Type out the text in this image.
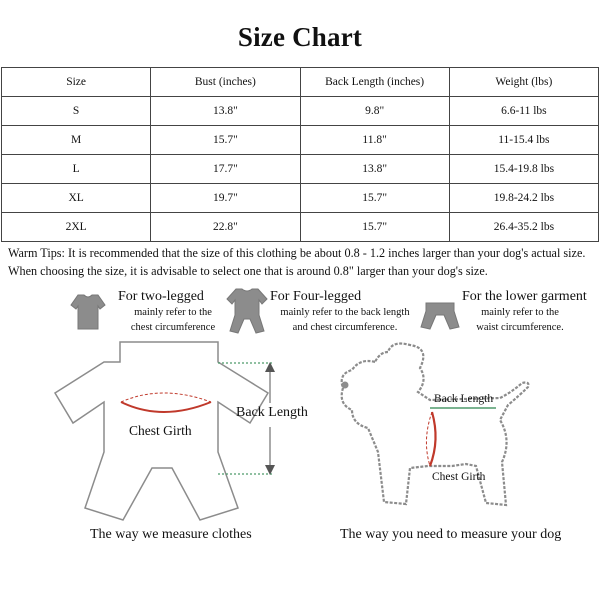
Size Chart
Size	Bust (inches)	Back Length (inches)	Weight (lbs)
S	13.8"	9.8"	6.6-11 lbs
M	15.7"	11.8"	11-15.4 lbs
L	17.7"	13.8"	15.4-19.8 lbs
XL	19.7"	15.7"	19.8-24.2 lbs
2XL	22.8"	15.7"	26.4-35.2 lbs
Warm Tips: It is recommended that the size of this clothing be about 0.8 - 1.2 inches larger than your dog's actual size. When choosing the size, it is advisable to select one that is around 0.8" larger than your dog's size.
For two-legged
mainly refer to the
chest circumference
For Four-legged
mainly refer to the back length
and chest circumference.
For the lower garment
mainly refer to the
waist circumference.
Chest Girth
Back Length
The way we measure clothes
Back Length
Chest Girth
The way you need to measure your dog
